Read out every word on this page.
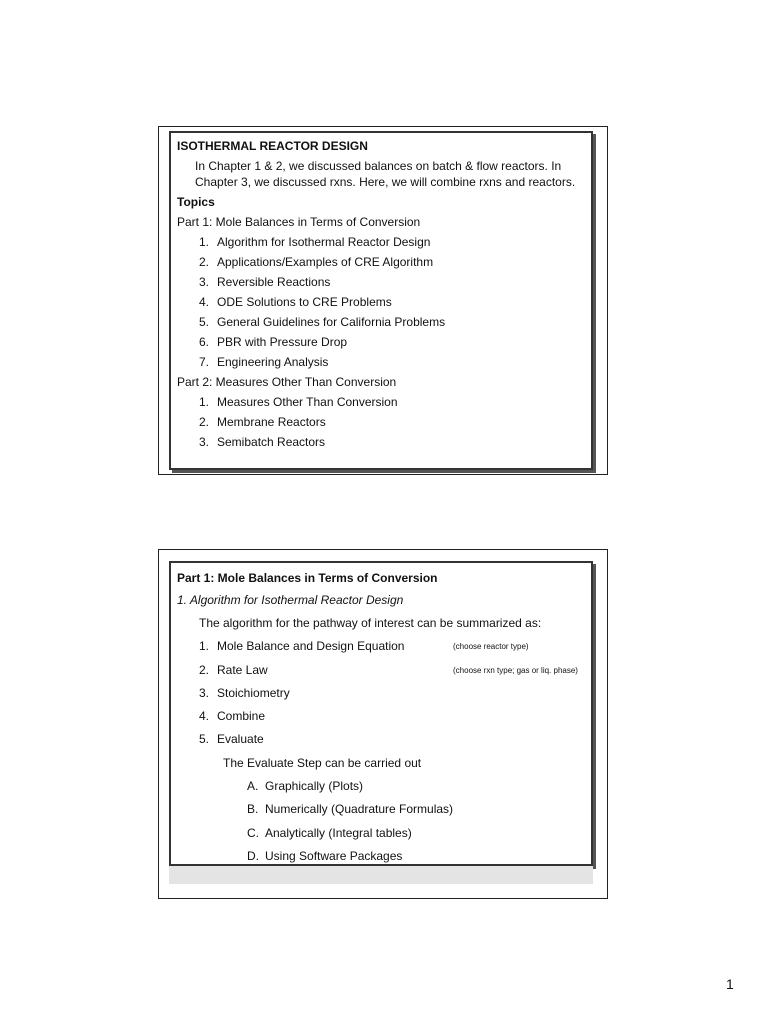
ISOTHERMAL REACTOR DESIGN
In Chapter 1 & 2, we discussed balances on batch & flow reactors. In Chapter 3, we discussed rxns. Here, we will combine rxns and reactors.
Topics
Part 1: Mole Balances in Terms of Conversion
1. Algorithm for Isothermal Reactor Design
2. Applications/Examples of CRE Algorithm
3. Reversible Reactions
4. ODE Solutions to CRE Problems
5. General Guidelines for California Problems
6. PBR with Pressure Drop
7. Engineering Analysis
Part 2: Measures Other Than Conversion
1. Measures Other Than Conversion
2. Membrane Reactors
3. Semibatch Reactors
Part 1: Mole Balances in Terms of Conversion
1. Algorithm for Isothermal Reactor Design
The algorithm for the pathway of interest can be summarized as:
1. Mole Balance and Design Equation	(choose reactor type)
2. Rate Law	(choose rxn type; gas or liq. phase)
3. Stoichiometry
4. Combine
5. Evaluate
The Evaluate Step can be carried out
A. Graphically (Plots)
B. Numerically (Quadrature Formulas)
C. Analytically (Integral tables)
D. Using Software Packages
1
